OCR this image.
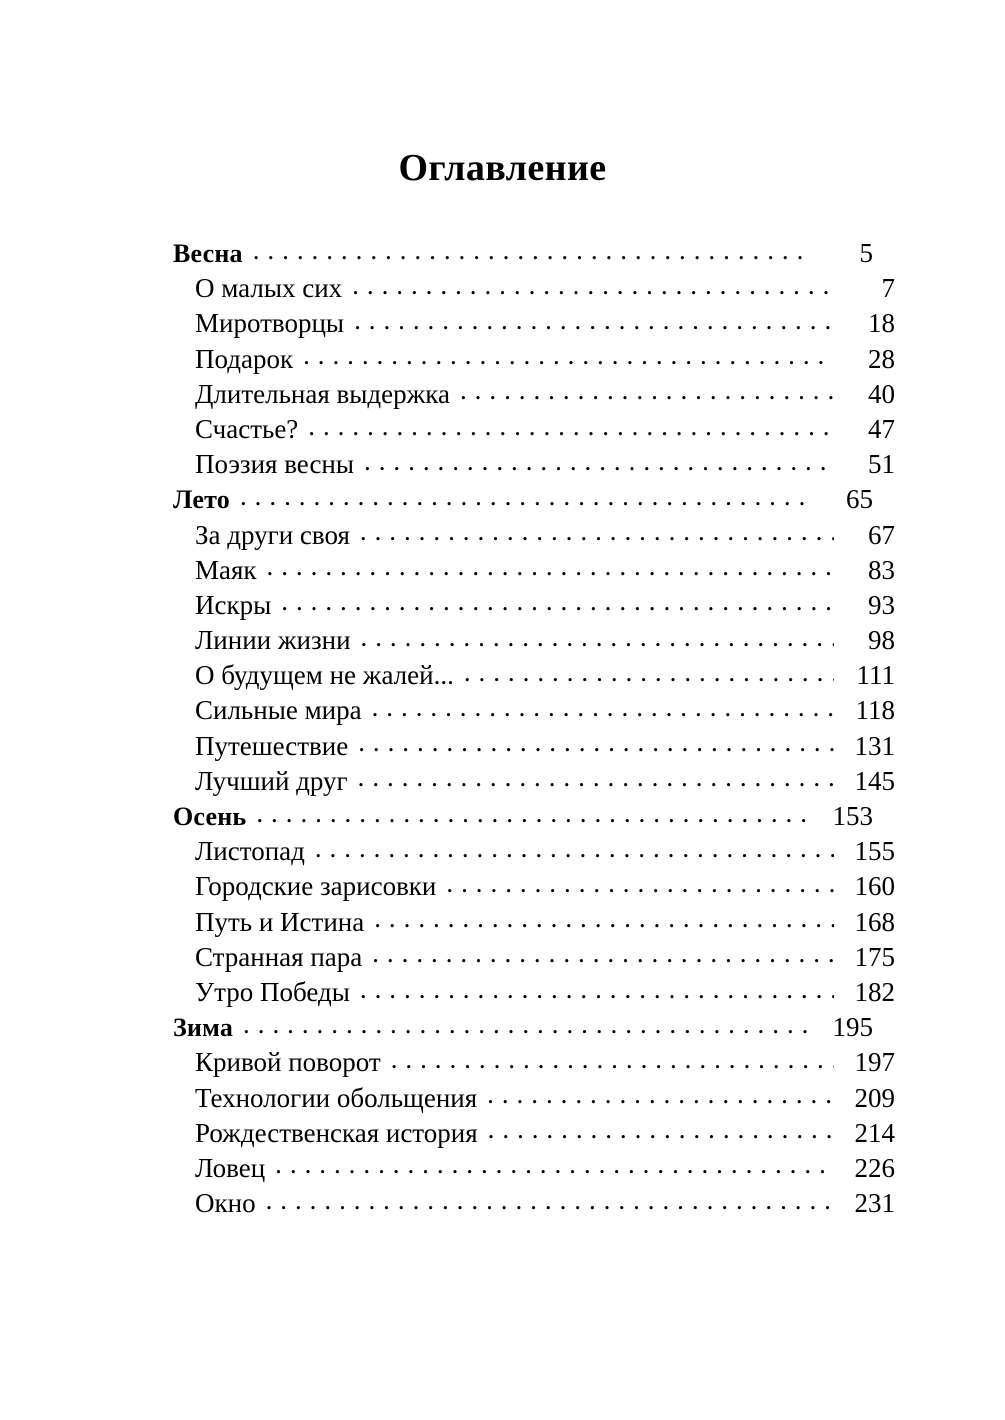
Оглавление
Весна . . .	5
О малых сих . . .	7
Миротворцы . . .	18
Подарок . . .	28
Длительная выдержка . . .	40
Счастье? . . .	47
Поэзия весны . . .	51
Лето . . .	65
За други своя . . .	67
Маяк . . .	83
Искры . . .	93
Линии жизни . . .	98
О будущем не жалей... . . .	111
Сильные мира . . .	118
Путешествие . . .	131
Лучший друг . . .	145
Осень . . .	153
Листопад . . .	155
Городские зарисовки . . .	160
Путь и Истина . . .	168
Странная пара . . .	175
Утро Победы . . .	182
Зима . . .	195
Кривой поворот . . .	197
Технологии обольщения . . .	209
Рождественская история . . .	214
Ловец . . .	226
Окно . . .	231
